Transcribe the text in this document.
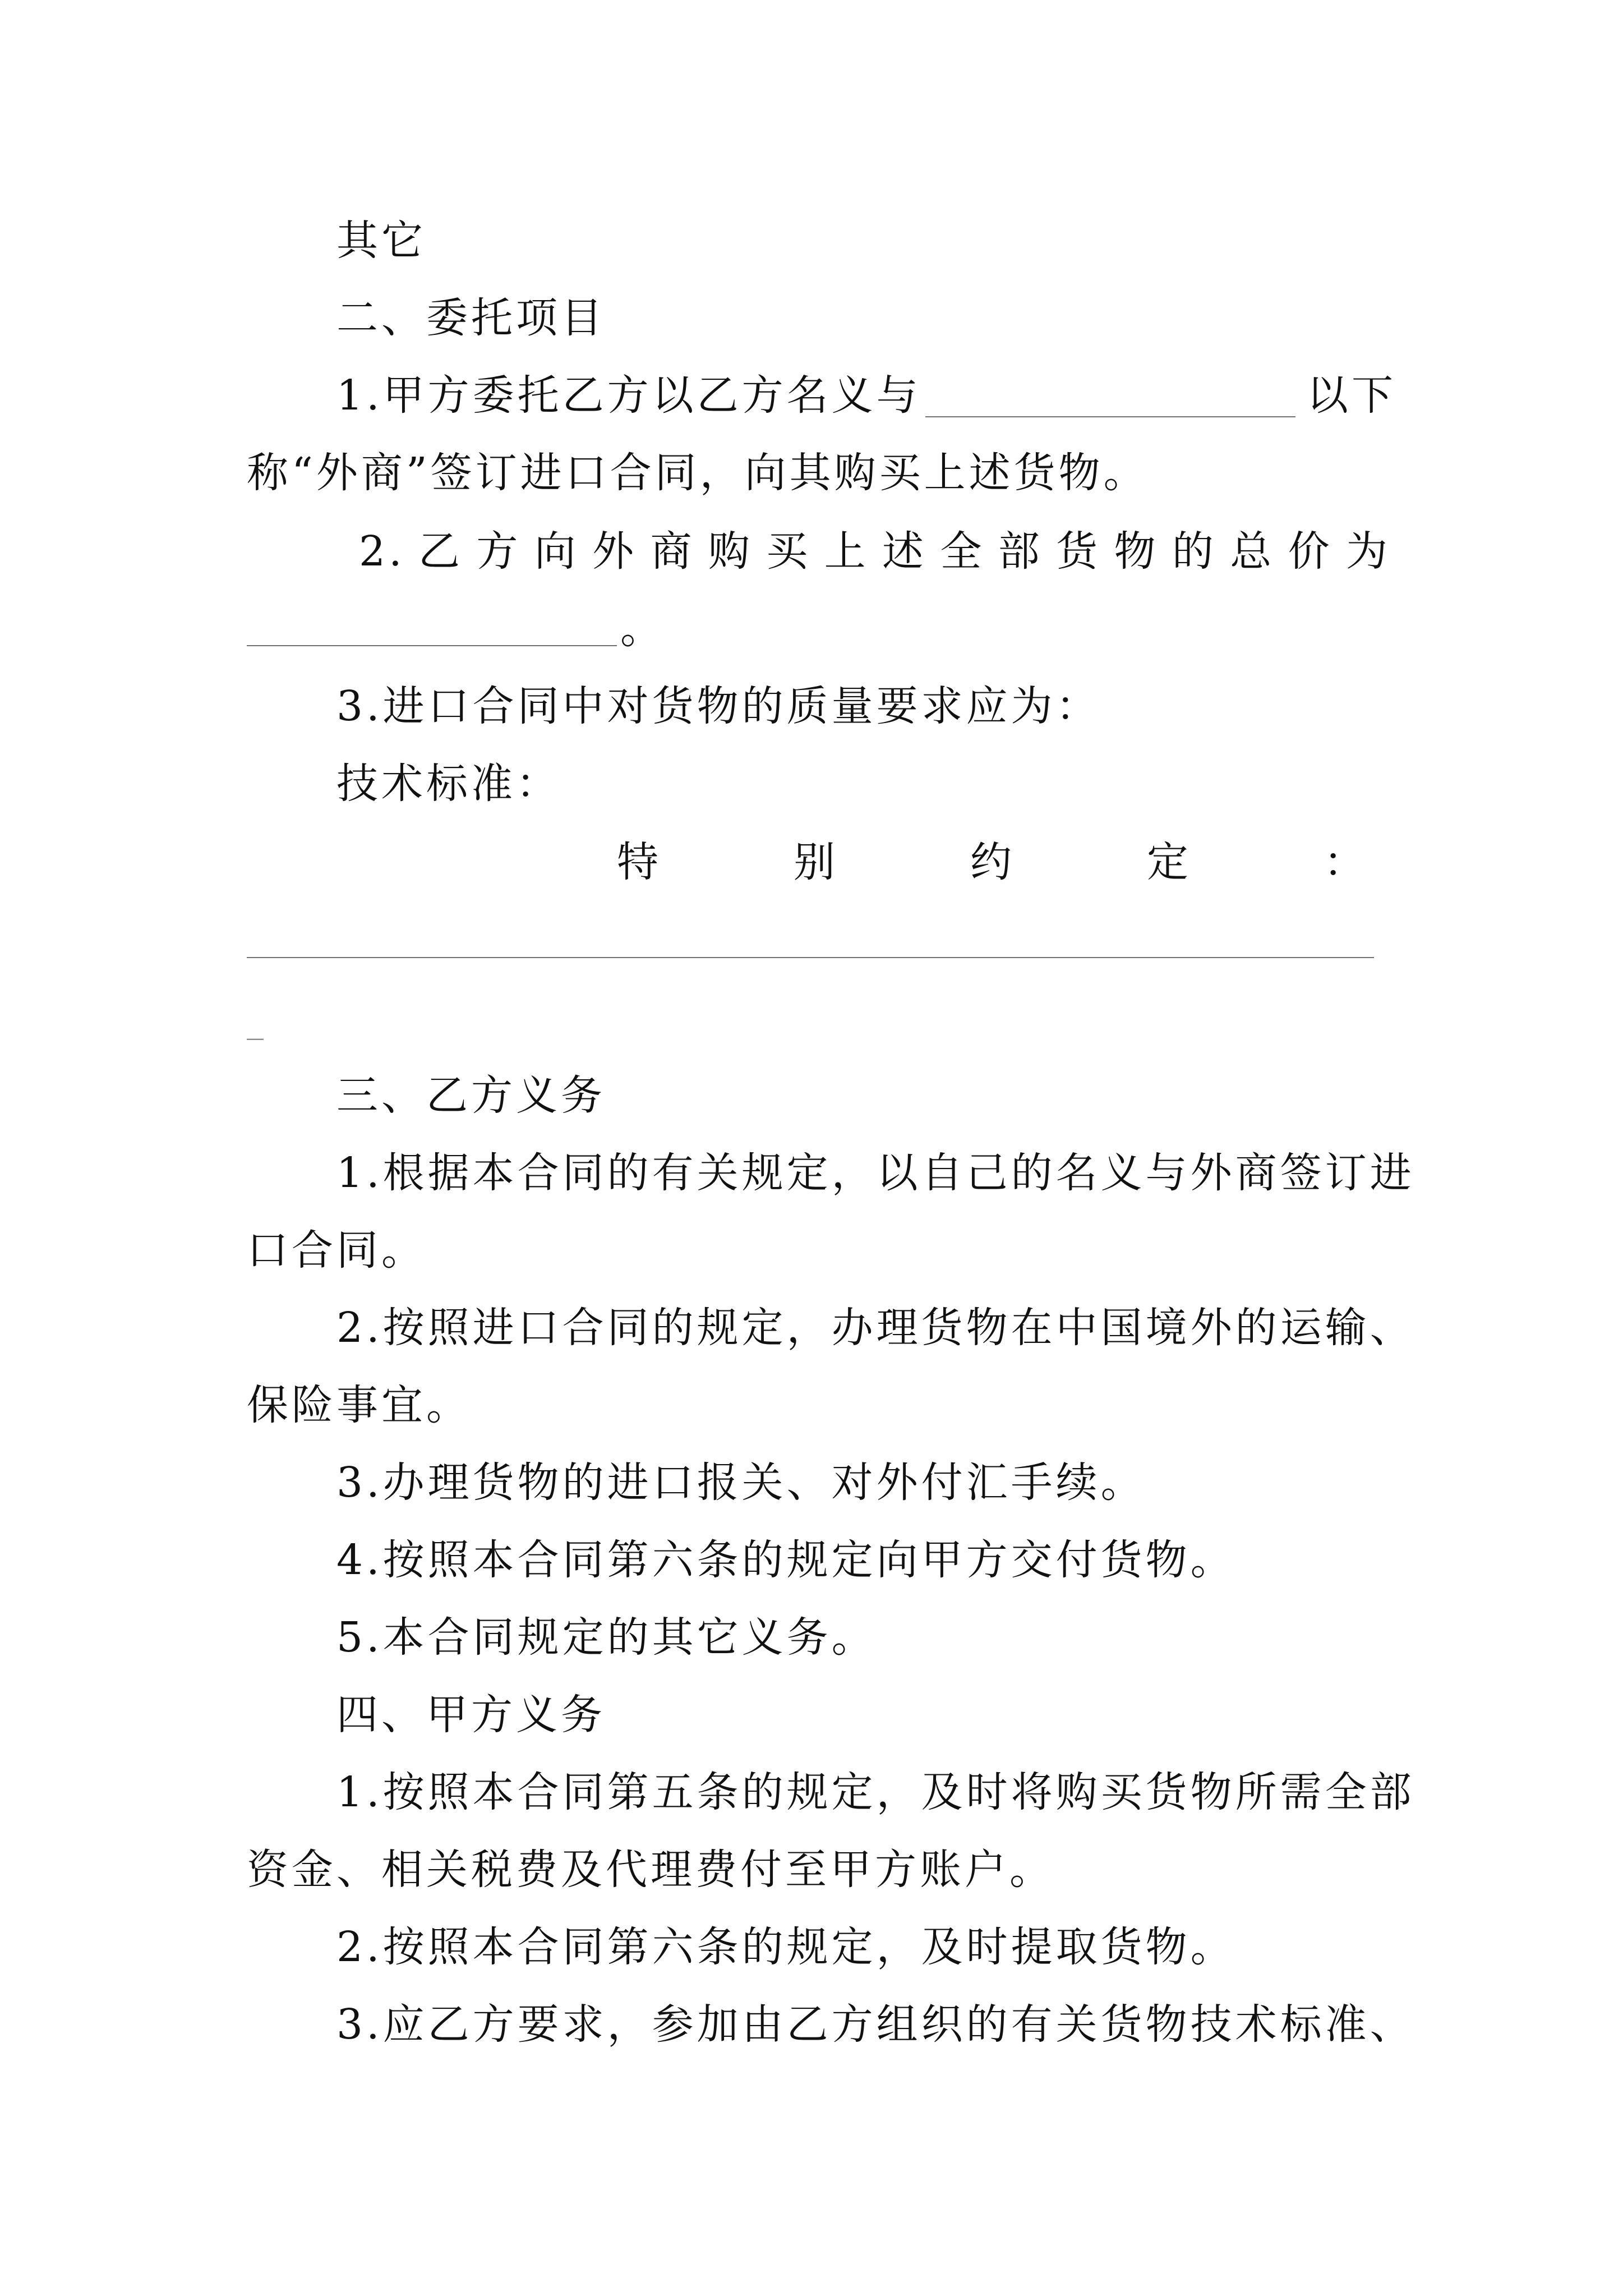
其它
二、委托项目
1.甲方委托乙方以乙方名义与	以下
称“外商”签订进口合同，向其购买上述货物。
2. 乙 方 向 外 商 购 买 上 述 全 部 货 物 的 总 价 为
。
3.进口合同中对货物的质量要求应为：
技术标准：
特	别	约	定	：
_
三、乙方义务
1.根据本合同的有关规定，以自己的名义与外商签订进
口合同。
2.按照进口合同的规定，办理货物在中国境外的运输、
保险事宜。
3.办理货物的进口报关、对外付汇手续。
4.按照本合同第六条的规定向甲方交付货物。
5.本合同规定的其它义务。
四、甲方义务
1.按照本合同第五条的规定，及时将购买货物所需全部
资金、相关税费及代理费付至甲方账户。
2.按照本合同第六条的规定，及时提取货物。
3.应乙方要求，参加由乙方组织的有关货物技术标准、
